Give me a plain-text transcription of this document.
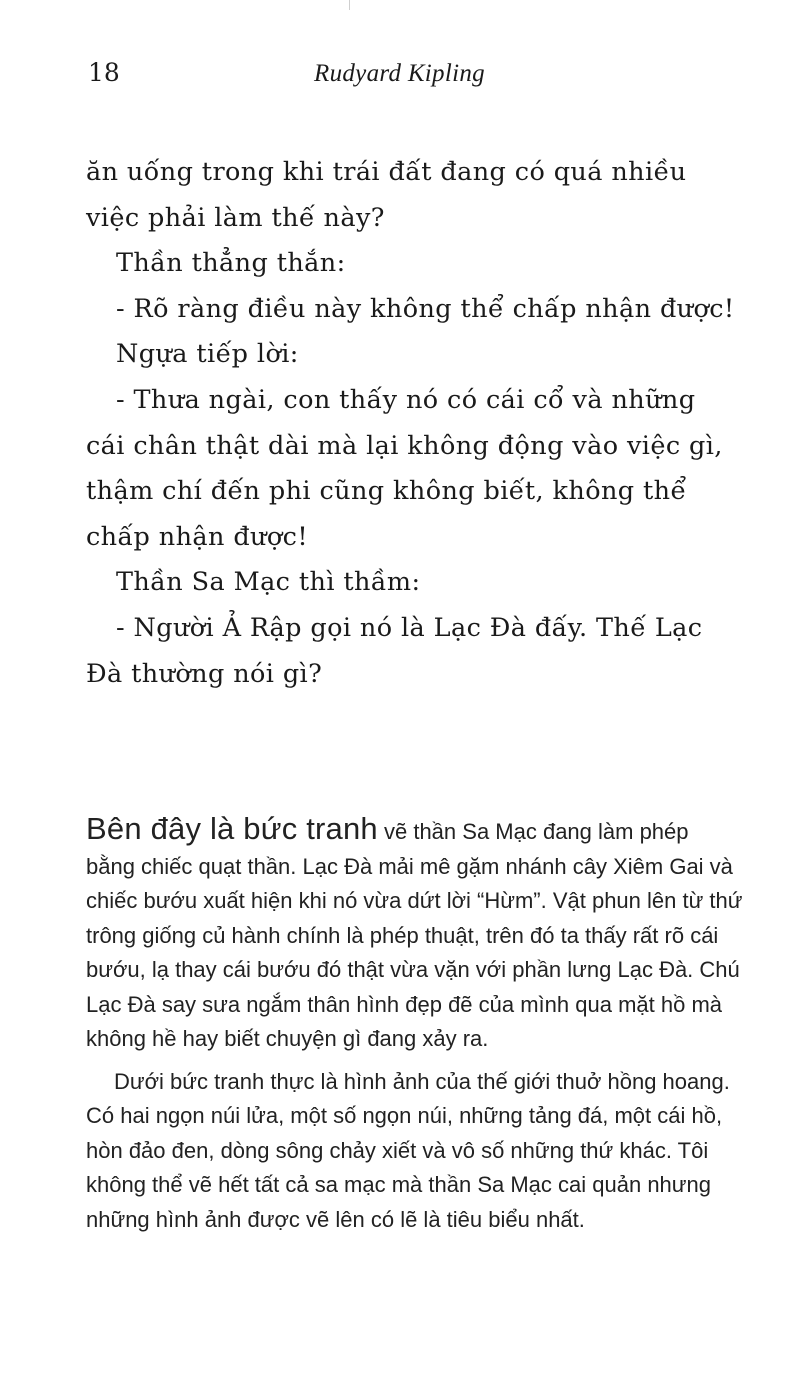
18	Rudyard Kipling

ăn uống trong khi trái đất đang có quá nhiều

việc phải làm thế này?

Thần thẳng thắn:

- Rõ ràng điều này không thể chấp nhận được!

Ngựa tiếp lời:

- Thưa ngài, con thấy nó có cái cổ và những

cái chân thật dài mà lại không động vào việc gì,

thậm chí đến phi cũng không biết, không thể

chấp nhận được!

Thần Sa Mạc thì thầm:

- Người Ả Rập gọi nó là Lạc Đà đấy. Thế Lạc

Đà thường nói gì?

Bên đây là bức tranh vẽ thần Sa Mạc đang làm phép

bằng chiếc quạt thần. Lạc Đà mải mê gặm nhánh cây Xiêm Gai và

chiếc bướu xuất hiện khi nó vừa dứt lời “Hừm”. Vật phun lên từ thứ

trông giống củ hành chính là phép thuật, trên đó ta thấy rất rõ cái

bướu, lạ thay cái bướu đó thật vừa vặn với phần lưng Lạc Đà. Chú

Lạc Đà say sưa ngắm thân hình đẹp đẽ của mình qua mặt hồ mà

không hề hay biết chuyện gì đang xảy ra.

Dưới bức tranh thực là hình ảnh của thế giới thuở hồng hoang.

Có hai ngọn núi lửa, một số ngọn núi, những tảng đá, một cái hồ,

hòn đảo đen, dòng sông chảy xiết và vô số những thứ khác. Tôi

không thể vẽ hết tất cả sa mạc mà thần Sa Mạc cai quản nhưng

những hình ảnh được vẽ lên có lẽ là tiêu biểu nhất.
